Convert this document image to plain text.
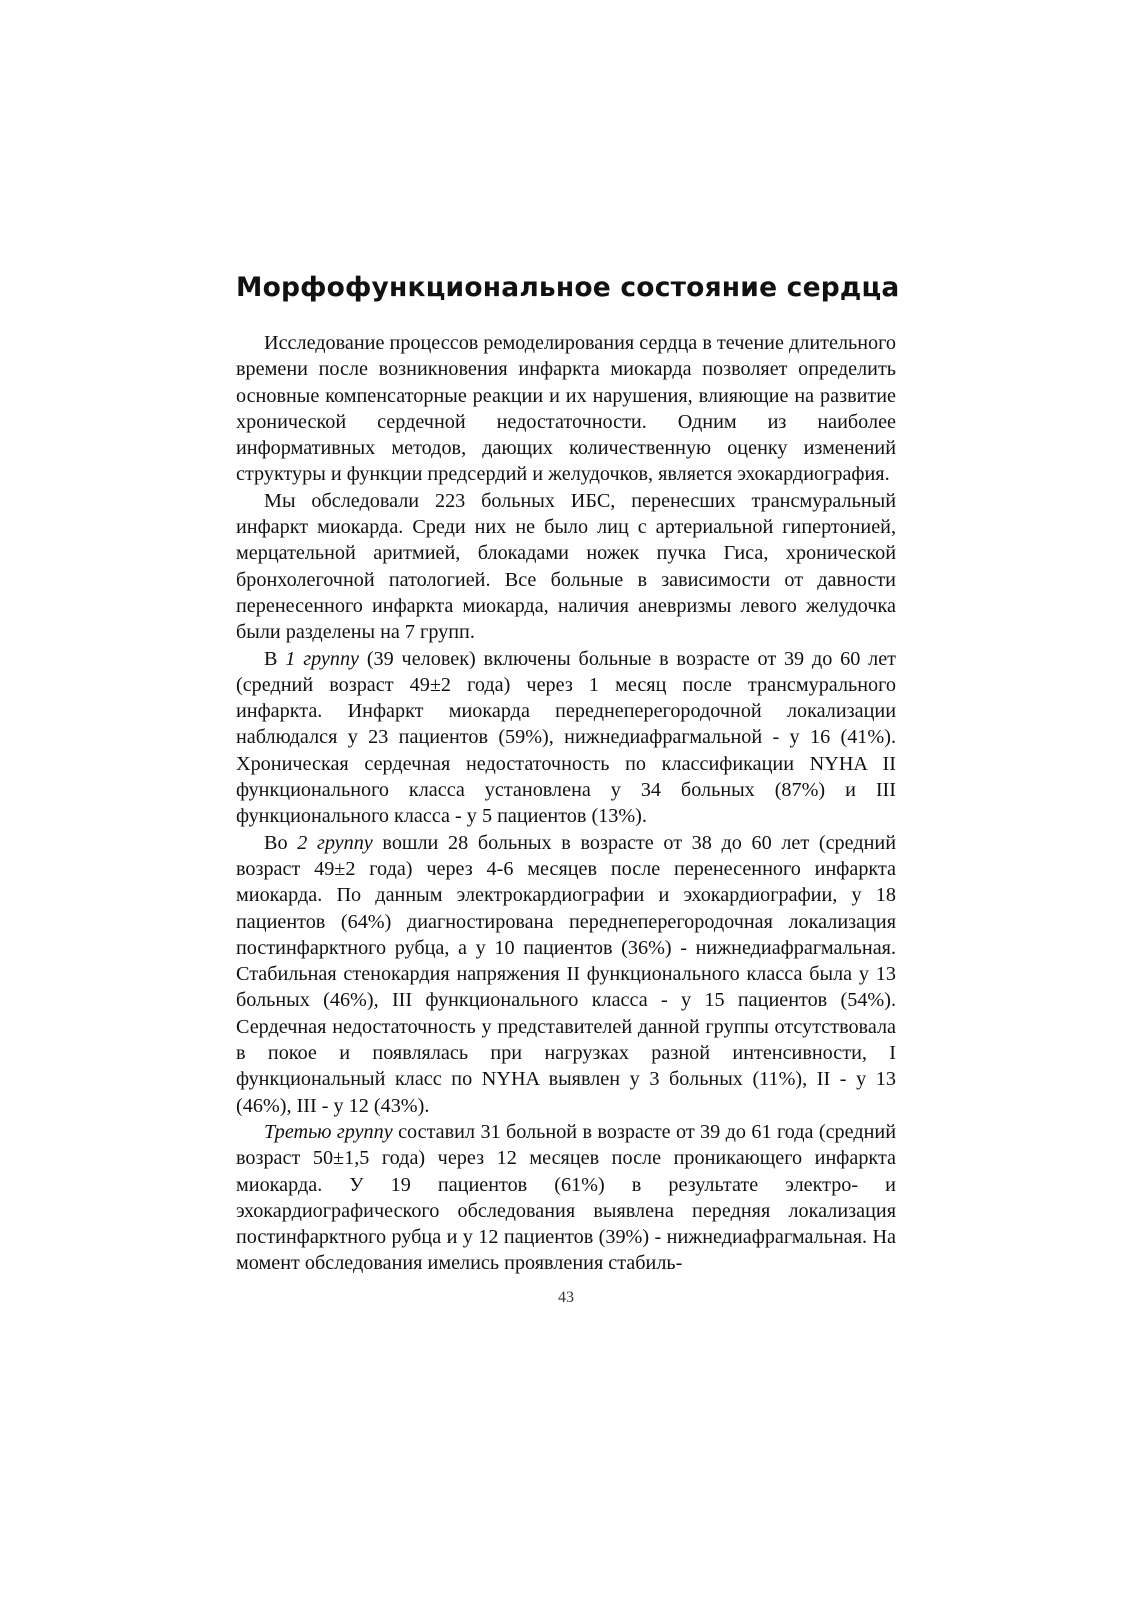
Морфофункциональное состояние сердца

Исследование процессов ремоделирования сердца в течение длительного времени после возникновения инфаркта миокарда позволяет определить основные компенсаторные реакции и их нарушения, влияющие на развитие хронической сердечной недостаточности. Одним из наиболее информативных методов, дающих количественную оценку изменений структуры и функции предсердий и желудочков, является эхокардиография.

Мы обследовали 223 больных ИБС, перенесших трансмуральный инфаркт миокарда. Среди них не было лиц с артериальной гипертонией, мерцательной аритмией, блокадами ножек пучка Гиса, хронической бронхолегочной патологией. Все больные в зависимости от давности перенесенного инфаркта миокарда, наличия аневризмы левого желудочка были разделены на 7 групп.

В 1 группу (39 человек) включены больные в возрасте от 39 до 60 лет (средний возраст 49±2 года) через 1 месяц после трансмурального инфаркта. Инфаркт миокарда переднеперегородочной локализации наблюдался у 23 пациентов (59%), нижнедиафрагмальной - у 16 (41%). Хроническая сердечная недостаточность по классификации NYHA II функционального класса установлена у 34 больных (87%) и III функционального класса - у 5 пациентов (13%).

Во 2 группу вошли 28 больных в возрасте от 38 до 60 лет (средний возраст 49±2 года) через 4-6 месяцев после перенесенного инфаркта миокарда. По данным электрокардиографии и эхокардиографии, у 18 пациентов (64%) диагностирована переднеперегородочная локализация постинфарктного рубца, а у 10 пациентов (36%) - нижнедиафрагмальная. Стабильная стенокардия напряжения II функционального класса была у 13 больных (46%), III функционального класса - у 15 пациентов (54%). Сердечная недостаточность у представителей данной группы отсутствовала в покое и появлялась при нагрузках разной интенсивности, I функциональный класс по NYHA выявлен у 3 больных (11%), II - у 13 (46%), III - у 12 (43%).

Третью группу составил 31 больной в возрасте от 39 до 61 года (средний возраст 50±1,5 года) через 12 месяцев после проникающего инфаркта миокарда. У 19 пациентов (61%) в результате электро- и эхокардиографического обследования выявлена передняя локализация постинфарктного рубца и у 12 пациентов (39%) - нижнедиафрагмальная. На момент обследования имелись проявления стабиль-

43
